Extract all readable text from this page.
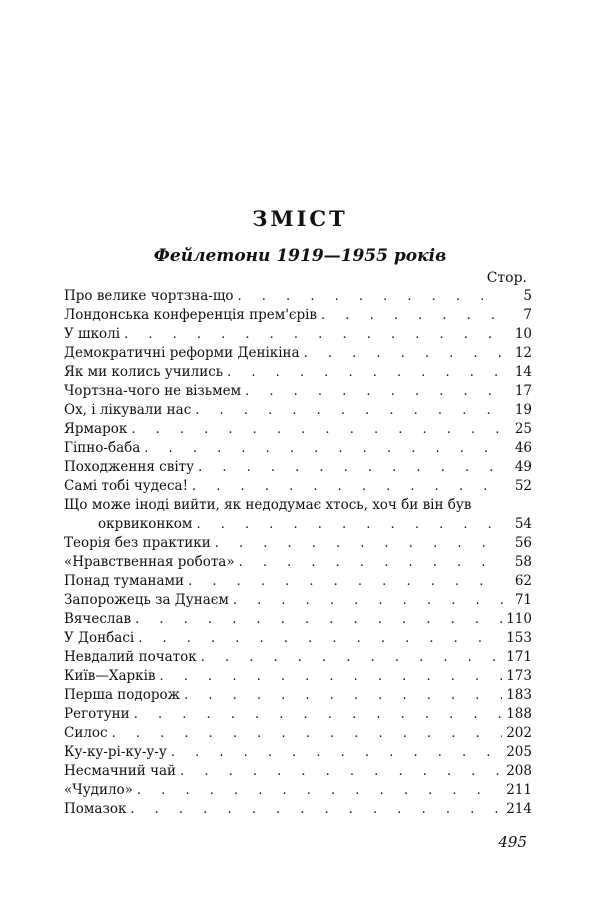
ЗМІСТ
Фейлетони 1919—1955 років
Стор.
Про велике чортзна-що . . .	5
Лондонська конференція прем'єрів . . .	7
У школі . . .	10
Демократичні реформи Денікіна . . .	12
Як ми колись учились . . .	14
Чортзна-чого не візьмем . . .	17
Ох, і лікували нас . . .	19
Ярмарок . . .	25
Гіпно-баба . . .	46
Походження світу . . .	49
Самі тобі чудеса! . . .	52
Що може іноді вийти, як недодумає хтось, хоч би він був
окрвиконком . . .	54
Теорія без практики . . .	56
«Нравственная робота» . . .	58
Понад туманами . . .	62
Запорожець за Дунаєм . . .	71
Вячеслав . . .	110
У Донбасі . . .	153
Невдалий початок . . .	171
Київ—Харків . . .	173
Перша подорож . . .	183
Реготуни . . .	188
Силос . . .	202
Ку-ку-рі-ку-у-у . . .	205
Несмачний чай . . .	208
«Чудило» . . .	211
Помазок . . .	214
495
